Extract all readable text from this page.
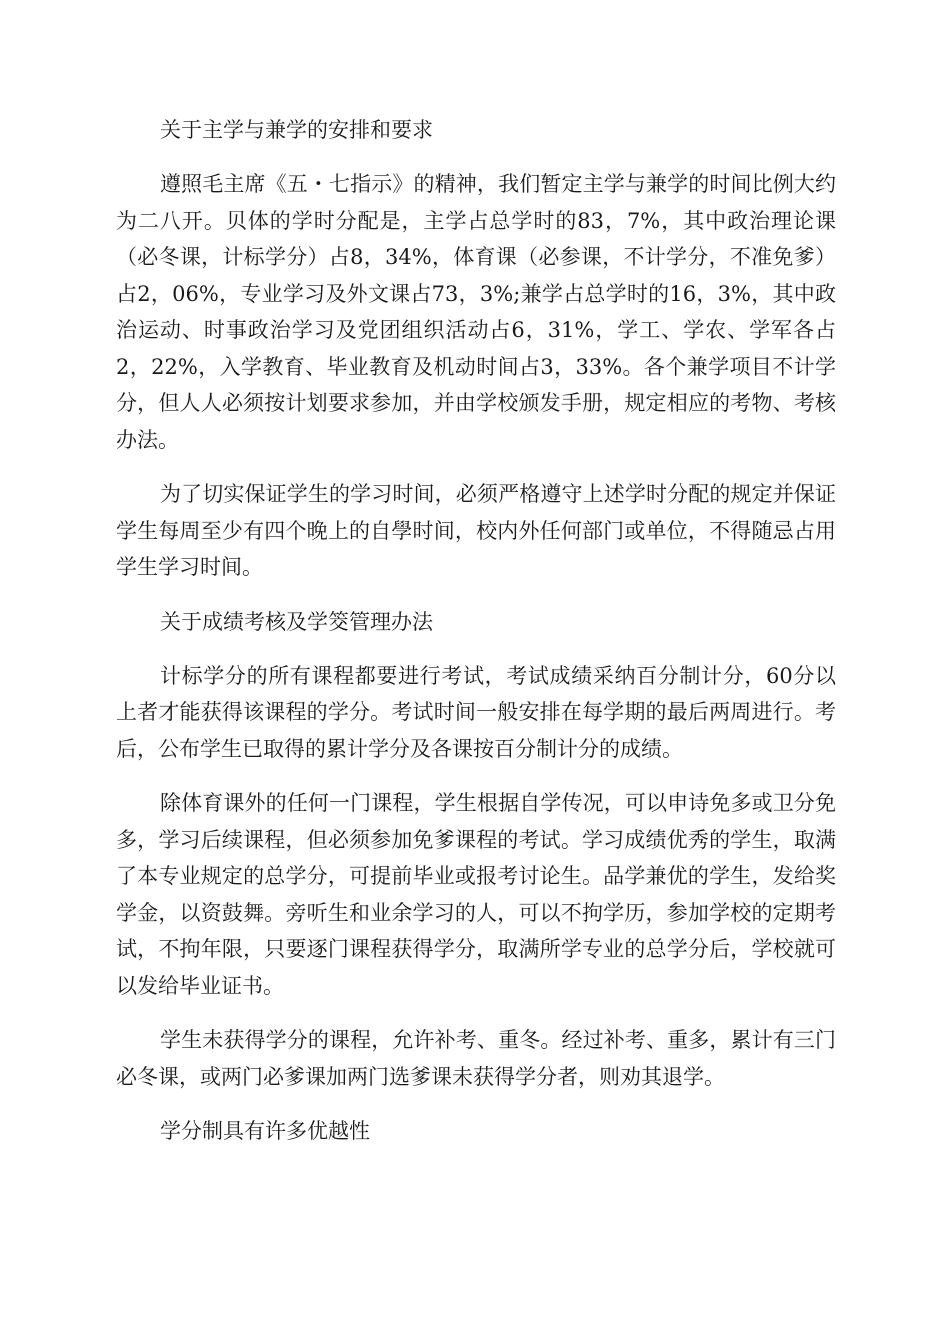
关于主学与兼学的安排和要求

遵照毛主席《五・七指示》的精神，我们暂定主学与兼学的时间比例大约为二八开。贝体的学时分配是，主学占总学时的83，7%，其中政治理论课（必冬课，计标学分）占8，34%，体育课（必参课，不计学分，不准免爹）占2，06%，专业学习及外文课占73，3%;兼学占总学时的16，3%，其中政治运动、时事政治学习及党团组织活动占6，31%，学工、学农、学军各占2，22%，入学教育、毕业教育及机动时间占3，33%。各个兼学项目不计学分，但人人必须按计划要求参加，并由学校颁发手册，规定相应的考物、考核办法。

为了切实保证学生的学习时间，必须严格遵守上述学时分配的规定并保证学生每周至少有四个晚上的自學时间，校内外任何部门或单位，不得随忌占用学生学习时间。

关于成绩考核及学筊管理办法

计标学分的所有课程都要进行考试，考试成绩采纳百分制计分，60分以上者才能获得该课程的学分。考试时间一般安排在每学期的最后两周进行。考后，公布学生已取得的累计学分及各课按百分制计分的成绩。

除体育课外的任何一门课程，学生根据自学传况，可以申诗免多或卫分免多，学习后续课程，但必须参加免爹课程的考试。学习成绩优秀的学生，取满了本专业规定的总学分，可提前毕业或报考讨论生。品学兼优的学生，发给奖学金，以资鼓舞。旁听生和业余学习的人，可以不拘学历，参加学校的定期考试，不拘年限，只要逐门课程获得学分，取满所学专业的总学分后，学校就可以发给毕业证书。

学生未获得学分的课程，允许补考、重冬。经过补考、重多，累计有三门必冬课，或两门必爹课加两门选爹课未获得学分者，则劝其退学。

学分制具有许多优越性
